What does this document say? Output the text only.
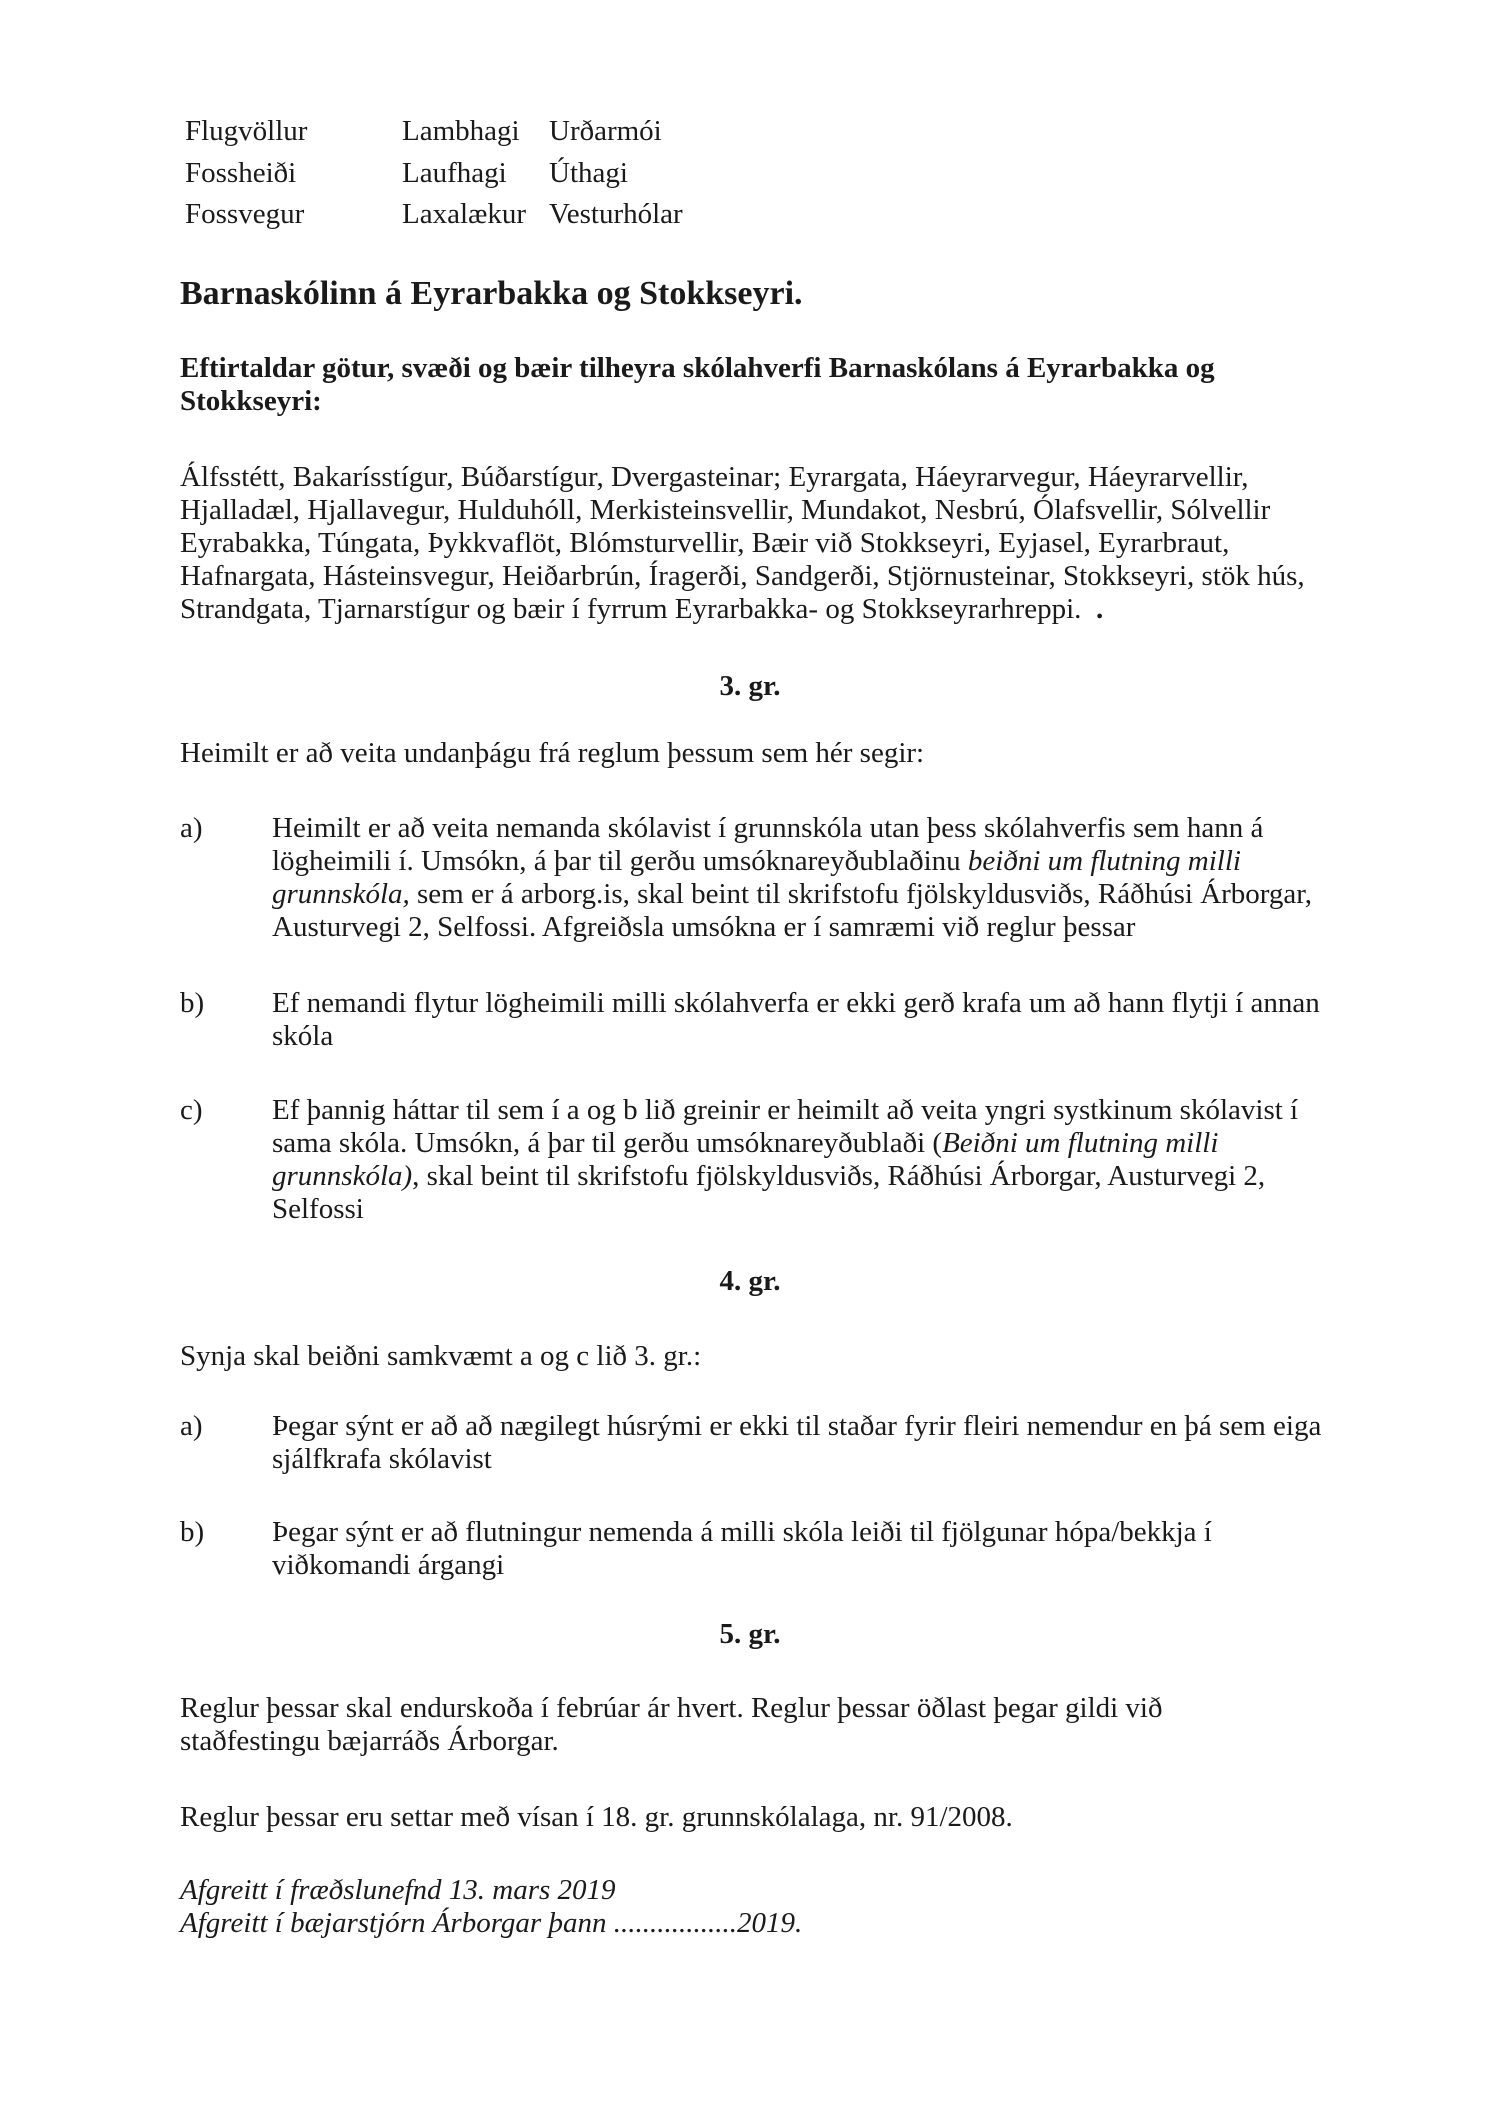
Flugvöllur
Fossheiði
Fossvegur
Lambhagi
Laufhagi
Laxalækur
Urðarmói
Úthagi
Vesturhólar
Barnaskólinn á Eyrarbakka og Stokkseyri.

Eftirtaldar götur, svæði og bæir tilheyra skólahverfi Barnaskólans á Eyrarbakka og Stokkseyri:

Álfsstétt, Bakarísstígur, Búðarstígur, Dvergasteinar; Eyrargata, Háeyrarvegur, Háeyrarvellir, Hjalladæl, Hjallavegur, Hulduhóll, Merkisteinsvellir, Mundakot, Nesbrú, Ólafsvellir, Sólvellir Eyrabakka, Túngata, Þykkvaflöt, Blómsturvellir, Bæir við Stokkseyri, Eyjasel, Eyrarbraut, Hafnargata, Hásteinsvegur, Heiðarbrún, Íragerði, Sandgerði, Stjörnusteinar, Stokkseyri, stök hús, Strandgata, Tjarnarstígur og bæir í fyrrum Eyrarbakka- og Stokkseyrarhreppi. .

3. gr.

Heimilt er að veita undanþágu frá reglum þessum sem hér segir:

a) Heimilt er að veita nemanda skólavist í grunnskóla utan þess skólahverfis sem hann á lögheimili í. Umsókn, á þar til gerðu umsóknareyðublaðinu beiðni um flutning milli grunnskóla, sem er á arborg.is, skal beint til skrifstofu fjölskyldusviðs, Ráðhúsi Árborgar, Austurvegi 2, Selfossi. Afgreiðsla umsókna er í samræmi við reglur þessar

b) Ef nemandi flytur lögheimili milli skólahverfa er ekki gerð krafa um að hann flytji í annan skóla

c) Ef þannig háttar til sem í a og b lið greinir er heimilt að veita yngri systkinum skólavist í sama skóla. Umsókn, á þar til gerðu umsóknareyðublaði (Beiðni um flutning milli grunnskóla), skal beint til skrifstofu fjölskyldusviðs, Ráðhúsi Árborgar, Austurvegi 2, Selfossi

4. gr.

Synja skal beiðni samkvæmt a og c lið 3. gr.:

a) Þegar sýnt er að að nægilegt húsrými er ekki til staðar fyrir fleiri nemendur en þá sem eiga sjálfkrafa skólavist

b) Þegar sýnt er að flutningur nemenda á milli skóla leiði til fjölgunar hópa/bekkja í viðkomandi árgangi

5. gr.

Reglur þessar skal endurskoða í febrúar ár hvert. Reglur þessar öðlast þegar gildi við staðfestingu bæjarráðs Árborgar.

Reglur þessar eru settar með vísan í 18. gr. grunnskólalaga, nr. 91/2008.

Afgreitt í fræðslunefnd 13. mars 2019

Afgreitt í bæjarstjórn Árborgar þann .................2019.
